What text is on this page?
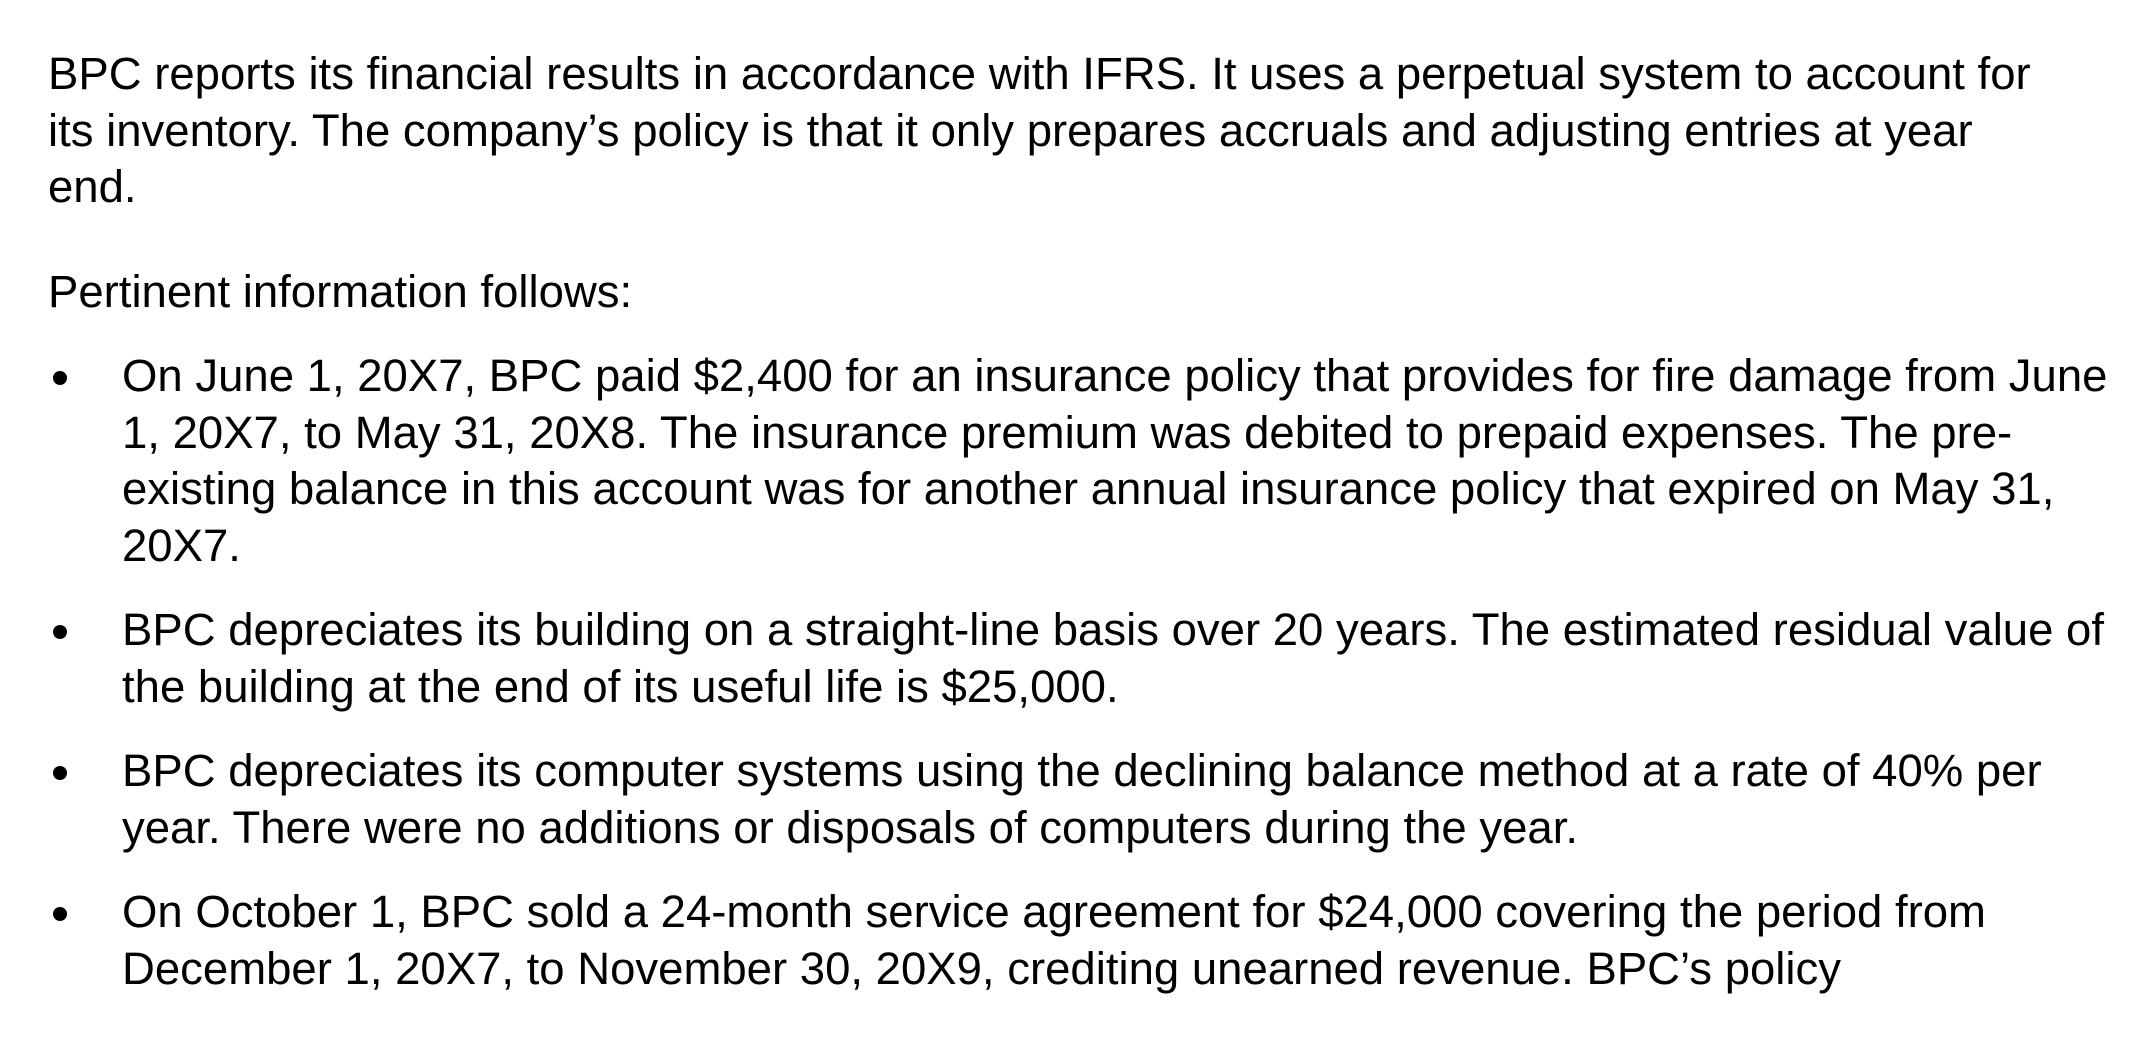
BPC reports its financial results in accordance with IFRS. It uses a perpetual system to account for its inventory. The company’s policy is that it only prepares accruals and adjusting entries at year end.

Pertinent information follows:

On June 1, 20X7, BPC paid $2,400 for an insurance policy that provides for fire damage from June 1, 20X7, to May 31, 20X8. The insurance premium was debited to prepaid expenses. The pre-existing balance in this account was for another annual insurance policy that expired on May 31, 20X7.
BPC depreciates its building on a straight-line basis over 20 years. The estimated residual value of the building at the end of its useful life is $25,000.
BPC depreciates its computer systems using the declining balance method at a rate of 40% per year. There were no additions or disposals of computers during the year.
On October 1, BPC sold a 24-month service agreement for $24,000 covering the period from December 1, 20X7, to November 30, 20X9, crediting unearned revenue. BPC’s policy
